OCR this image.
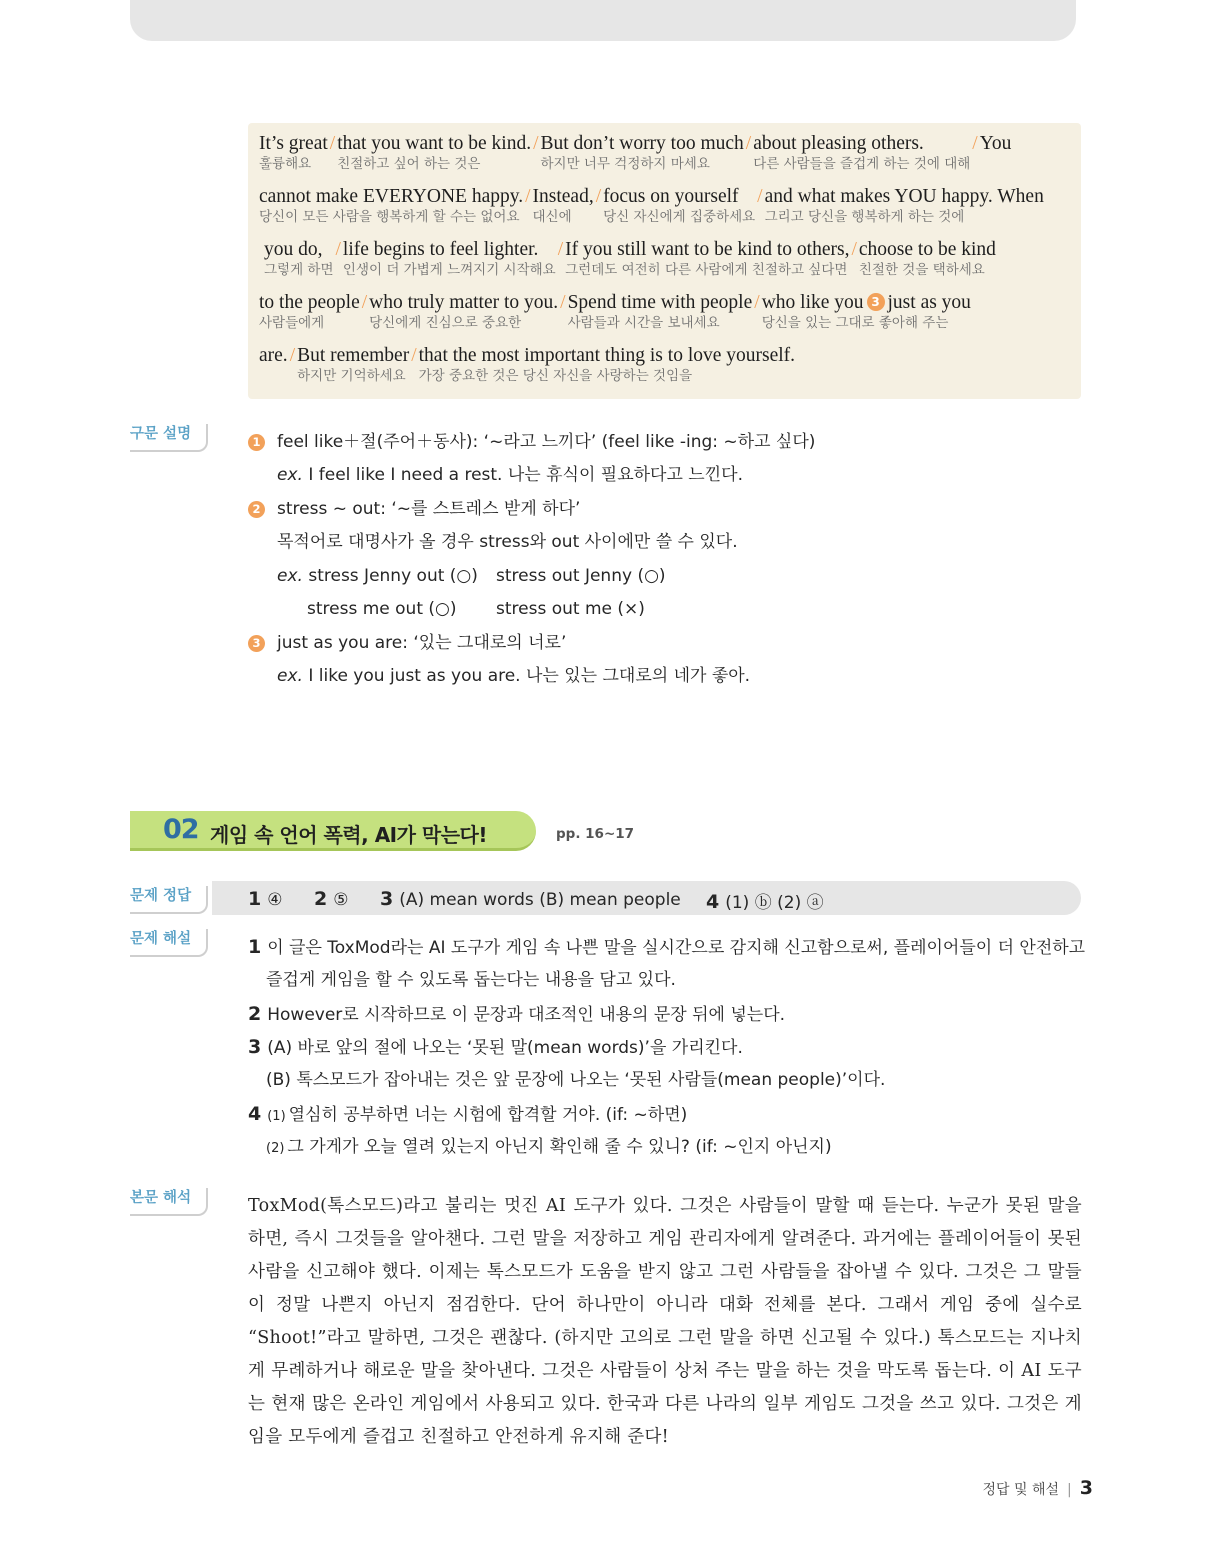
It’s great
훌륭해요
/ that you want to be kind.
친절하고 싶어 하는 것은
/ But don’t worry too much
하지만 너무 걱정하지 마세요
/ about pleasing others.
다른 사람들을 즐겁게 하는 것에 대해
/ You
cannot make EVERYONE happy.
당신이 모든 사람을 행복하게 할 수는 없어요
/ Instead,
대신에
/ focus on yourself
당신 자신에게 집중하세요
/ and what makes YOU happy. When
그리고 당신을 행복하게 하는 것에
you do,
그렇게 하면
/ life begins to feel lighter.
인생이 더 가볍게 느껴지기 시작해요
/ If you still want to be kind to others,
그런데도 여전히 다른 사람에게 친절하고 싶다면
/ choose to be kind
친절한 것을 택하세요
to the people
사람들에게
/ who truly matter to you.
당신에게 진심으로 중요한
/ Spend time with people
사람들과 시간을 보내세요
/ who like you 3 just as you
당신을 있는 그대로 좋아해 주는
are. / But remember
하지만 기억하세요
/ that the most important thing is to love yourself.
가장 중요한 것은 당신 자신을 사랑하는 것임을
구문 설명	1 feel like＋절(주어＋동사): ‘~라고 느끼다’ (feel like -ing: ~하고 싶다)
ex. I feel like I need a rest. 나는 휴식이 필요하다고 느낀다.
2 stress ~ out: ‘~를 스트레스 받게 하다’
목적어로 대명사가 올 경우 stress와 out 사이에만 쓸 수 있다.
ex. stress Jenny out (○) stress out Jenny (○)
stress me out (○) stress out me (×)
3 just as you are: ‘있는 그대로의 너로’
ex. I like you just as you are. 나는 있는 그대로의 네가 좋아.
02 게임 속 언어 폭력, AI가 막는다!	pp. 16~17
1 ④ 2 ⑤ 3 (A) mean words (B) mean people 4 (1) ⓑ (2) ⓐ
문제 정답
문제 해설	1 이 글은 ToxMod라는 AI 도구가 게임 속 나쁜 말을 실시간으로 감지해 신고함으로써, 플레이어들이 더 안전하고
즐겁게 게임을 할 수 있도록 돕는다는 내용을 담고 있다.
2 However로 시작하므로 이 문장과 대조적인 내용의 문장 뒤에 넣는다.
3 (A) 바로 앞의 절에 나오는 ‘못된 말(mean words)’을 가리킨다.
(B) 톡스모드가 잡아내는 것은 앞 문장에 나오는 ‘못된 사람들(mean people)’이다.
4 (1) 열심히 공부하면 너는 시험에 합격할 거야. (if: ~하면)
(2) 그 가게가 오늘 열려 있는지 아닌지 확인해 줄 수 있니? (if: ~인지 아닌지)
본문 해석	ToxMod(톡스모드)라고 불리는 멋진 AI 도구가 있다. 그것은 사람들이 말할 때 듣는다. 누군가 못된 말을 하면, 즉시 그것들을 알아챈다. 그런 말을 저장하고 게임 관리자에게 알려준다. 과거에는 플레이어들이 못된 사람을 신고해야 했다. 이제는 톡스모드가 도움을 받지 않고 그런 사람들을 잡아낼 수 있다. 그것은 그 말들이 정말 나쁜지 아닌지 점검한다. 단어 하나만이 아니라 대화 전체를 본다. 그래서 게임 중에 실수로 “Shoot!”라고 말하면, 그것은 괜찮다. (하지만 고의로 그런 말을 하면 신고될 수 있다.) 톡스모드는 지나치게 무례하거나 해로운 말을 찾아낸다. 그것은 사람들이 상처 주는 말을 하는 것을 막도록 돕는다. 이 AI 도구는 현재 많은 온라인 게임에서 사용되고 있다. 한국과 다른 나라의 일부 게임도 그것을 쓰고 있다. 그것은 게임을 모두에게 즐겁고 친절하고 안전하게 유지해 준다!
정답 및 해설 | 3
